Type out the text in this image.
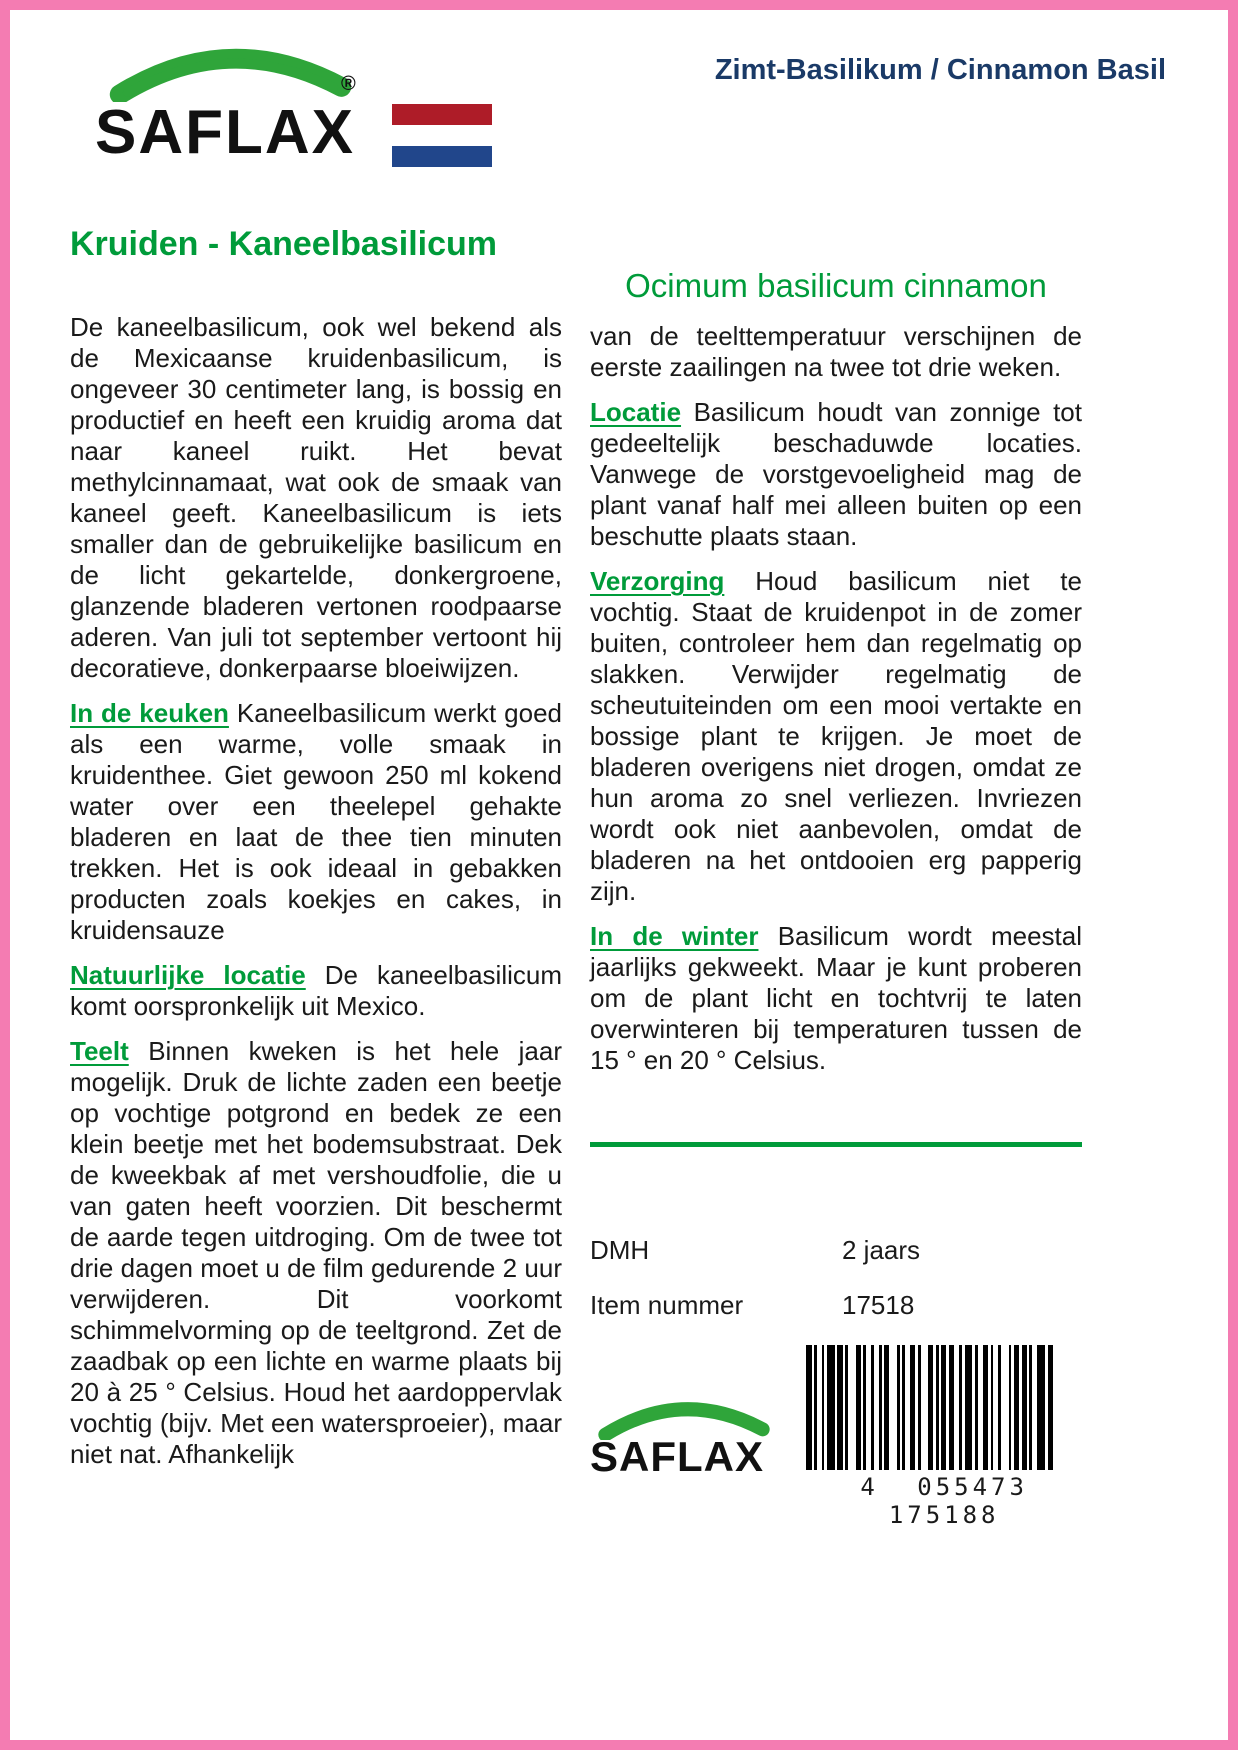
SAFLAX®	Zimt-Basilikum / Cinnamon Basil
Kruiden - Kaneelbasilicum

De kaneelbasilicum, ook wel bekend als de Mexicaanse kruidenbasilicum, is ongeveer 30 centimeter lang, is bossig en productief en heeft een kruidig aroma dat naar kaneel ruikt. Het bevat methylcinnamaat, wat ook de smaak van kaneel geeft. Kaneelbasilicum is iets smaller dan de gebruikelijke basilicum en de licht gekartelde, donkergroene, glanzende bladeren vertonen roodpaarse aderen. Van juli tot september vertoont hij decoratieve, donkerpaarse bloeiwijzen.

In de keuken Kaneelbasilicum werkt goed als een warme, volle smaak in kruidenthee. Giet gewoon 250 ml kokend water over een theelepel gehakte bladeren en laat de thee tien minuten trekken. Het is ook ideaal in gebakken producten zoals koekjes en cakes, in kruidensauze

Natuurlijke locatie De kaneelbasilicum komt oorspronkelijk uit Mexico.

Teelt Binnen kweken is het hele jaar mogelijk. Druk de lichte zaden een beetje op vochtige potgrond en bedek ze een klein beetje met het bodemsubstraat. Dek de kweekbak af met vershoudfolie, die u van gaten heeft voorzien. Dit beschermt de aarde tegen uitdroging. Om de twee tot drie dagen moet u de film gedurende 2 uur verwijderen. Dit voorkomt schimmelvorming op de teeltgrond. Zet de zaadbak op een lichte en warme plaats bij 20 à 25 ° Celsius. Houd het aardoppervlak vochtig (bijv. Met een watersproeier), maar niet nat. Afhankelijk

Ocimum basilicum cinnamon

van de teelttemperatuur verschijnen de eerste zaailingen na twee tot drie weken.

Locatie Basilicum houdt van zonnige tot gedeeltelijk beschaduwde locaties. Vanwege de vorstgevoeligheid mag de plant vanaf half mei alleen buiten op een beschutte plaats staan.

Verzorging Houd basilicum niet te vochtig. Staat de kruidenpot in de zomer buiten, controleer hem dan regelmatig op slakken. Verwijder regelmatig de scheutuiteinden om een mooi vertakte en bossige plant te krijgen. Je moet de bladeren overigens niet drogen, omdat ze hun aroma zo snel verliezen. Invriezen wordt ook niet aanbevolen, omdat de bladeren na het ontdooien erg papperig zijn.

In de winter Basilicum wordt meestal jaarlijks gekweekt. Maar je kunt proberen om de plant licht en tochtvrij te laten overwinteren bij temperaturen tussen de 15 ° en 20 ° Celsius.

DMH	2 jaars
Item nummer	17518
SAFLAX
4 055473 175188
